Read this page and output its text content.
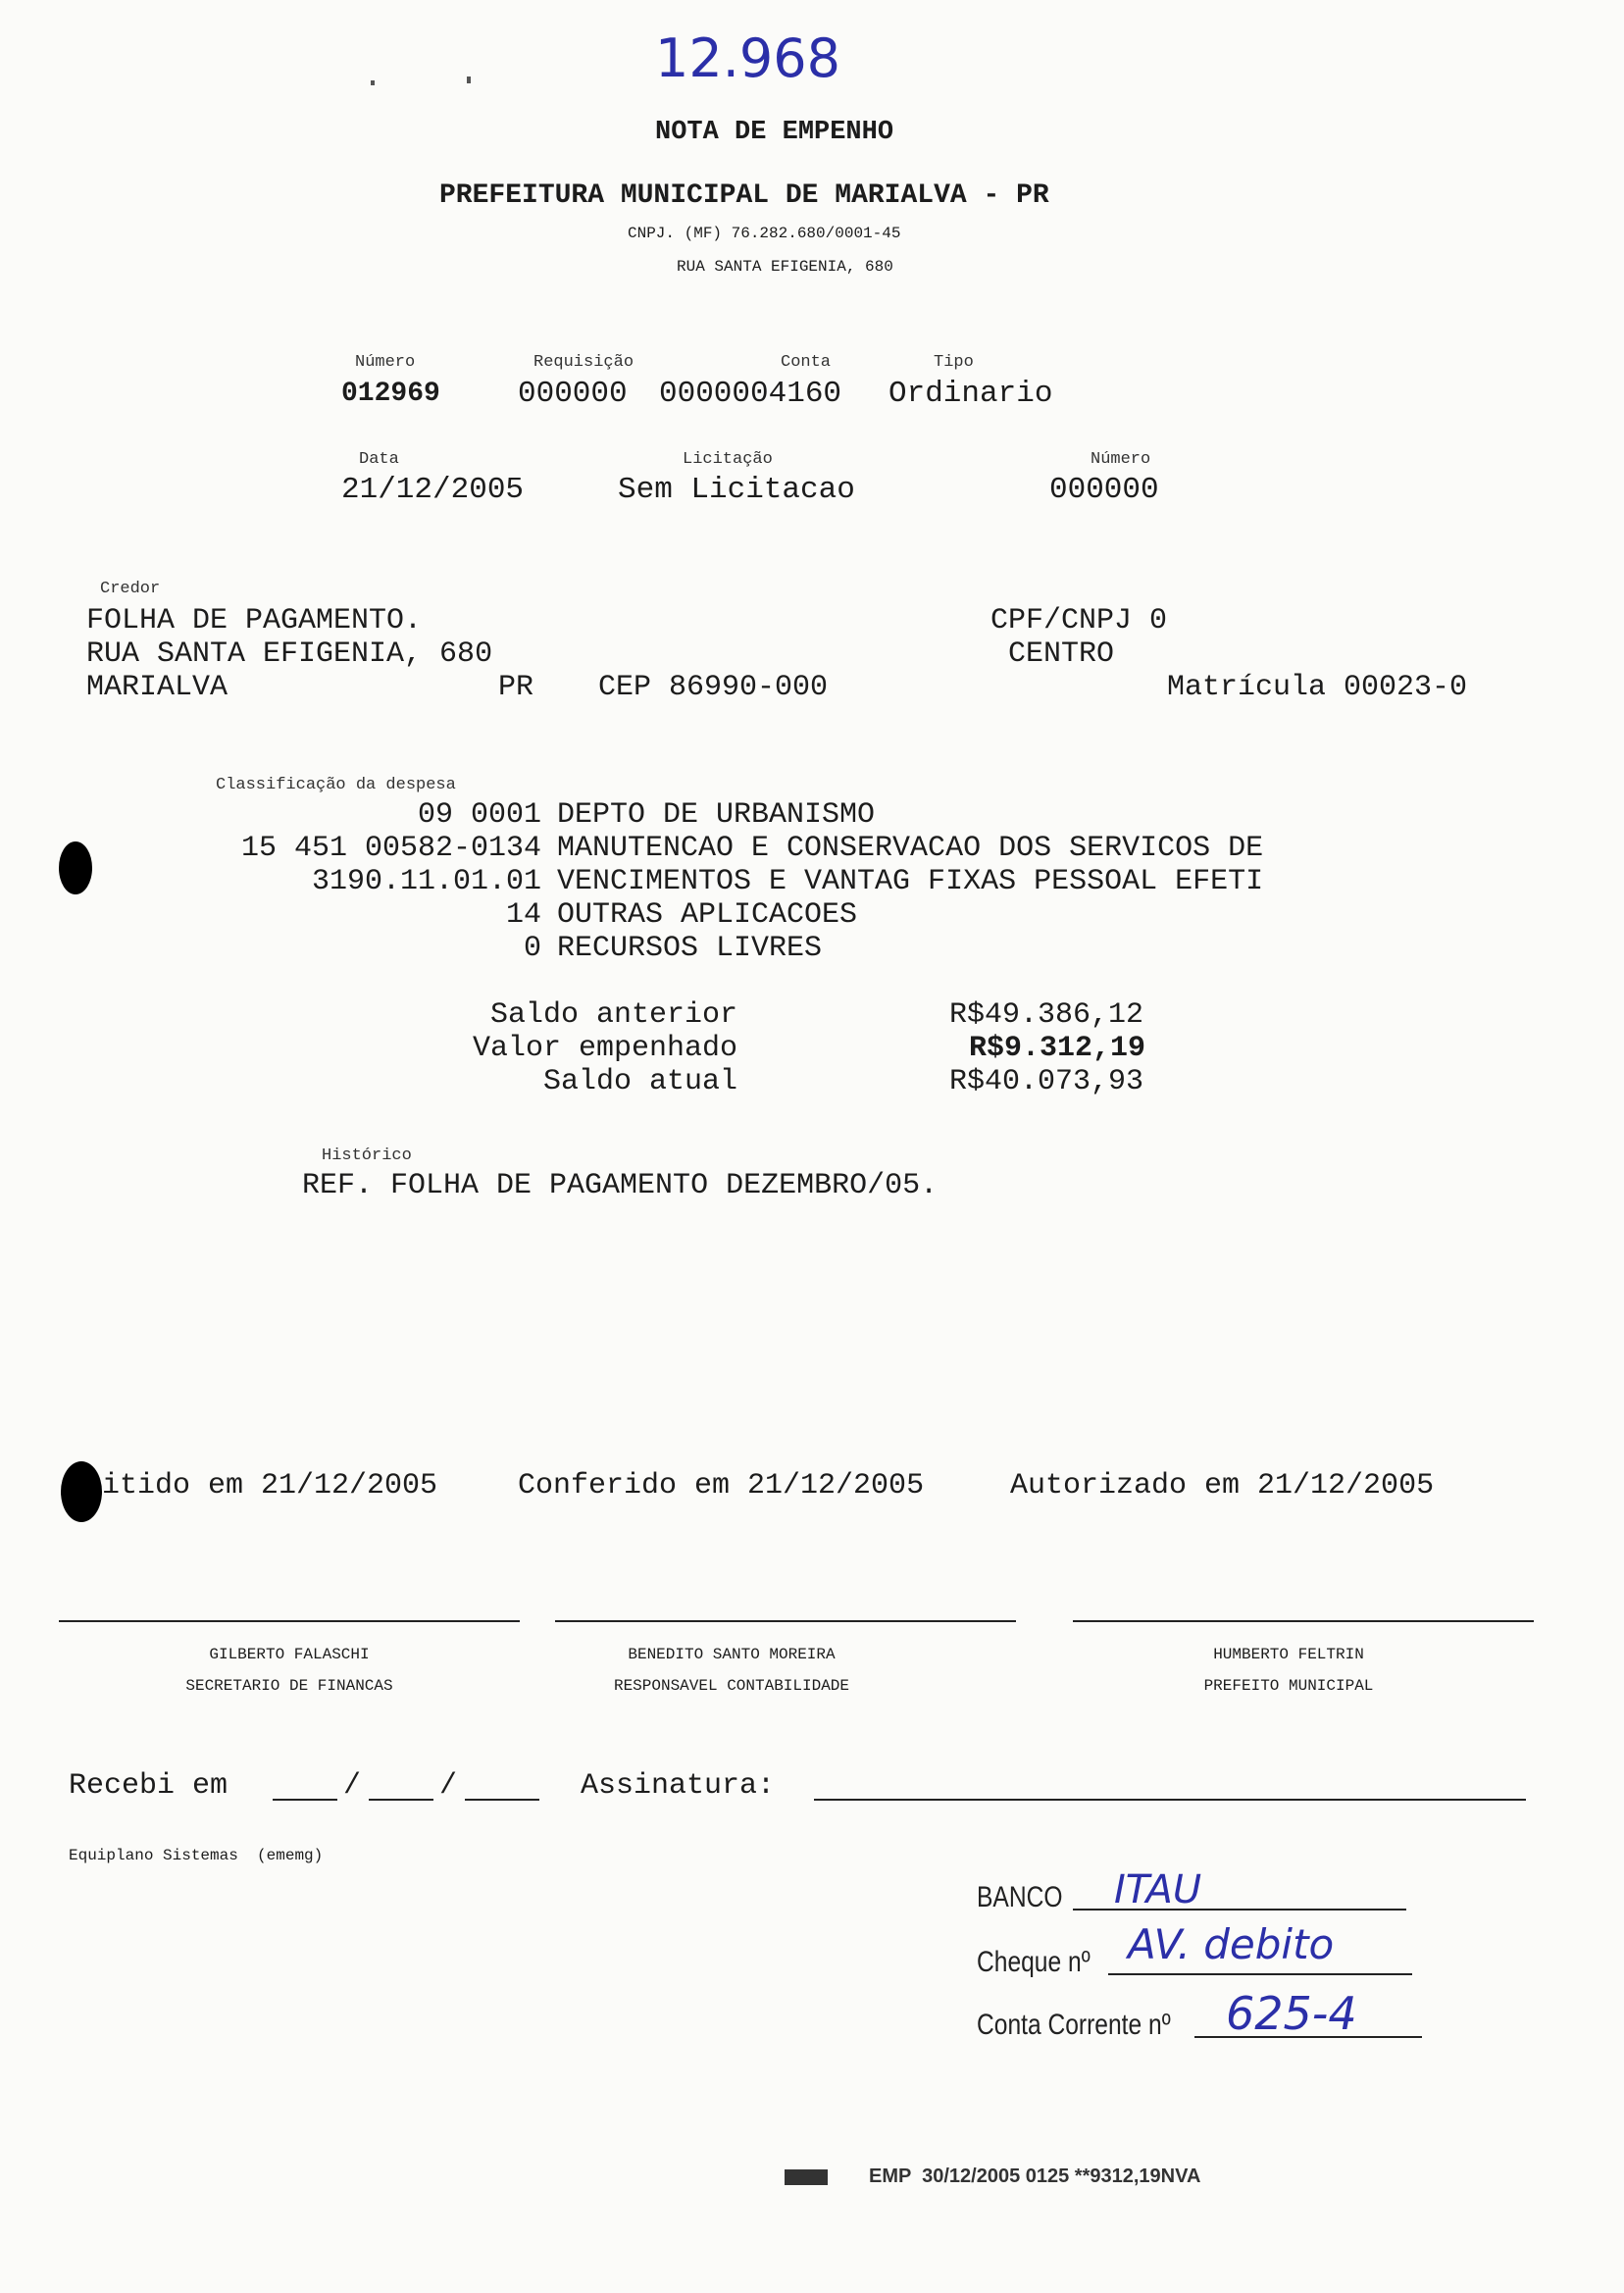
12.968
NOTA DE EMPENHO
PREFEITURA MUNICIPAL DE MARIALVA - PR
CNPJ. (MF) 76.282.680/0001-45
RUA SANTA EFIGENIA, 680
Número
012969
Requisição
000000
Conta
0000004160
Tipo
Ordinario
Data
21/12/2005
Licitação
Sem Licitacao
Número
000000
Credor
FOLHA DE PAGAMENTO.
RUA SANTA EFIGENIA, 680
MARIALVA	PR CEP 86990-000
CPF/CNPJ 0
CENTRO
Matrícula 00023-0
Classificação da despesa
09 0001 DEPTO DE URBANISMO
15 451 00582-0134 MANUTENCAO E CONSERVACAO DOS SERVICOS DE
3190.11.01.01 VENCIMENTOS E VANTAG FIXAS PESSOAL EFETI
14 OUTRAS APLICACOES
0 RECURSOS LIVRES
Saldo anterior	R$49.386,12
Valor empenhado	R$9.312,19
Saldo atual	R$40.073,93
Histórico
REF. FOLHA DE PAGAMENTO DEZEMBRO/05.
itido em 21/12/2005	Conferido em 21/12/2005	Autorizado em 21/12/2005
GILBERTO FALASCHI
SECRETARIO DE FINANCAS
BENEDITO SANTO MOREIRA
RESPONSAVEL CONTABILIDADE
HUMBERTO FELTRIN
PREFEITO MUNICIPAL
Recebi em	/	/	Assinatura:
Equiplano Sistemas  (ememg)
BANCO ITAU
Cheque nº AV. debito
Conta Corrente nº 625-4
EMP  30/12/2005 0125 **9312,19NVA
